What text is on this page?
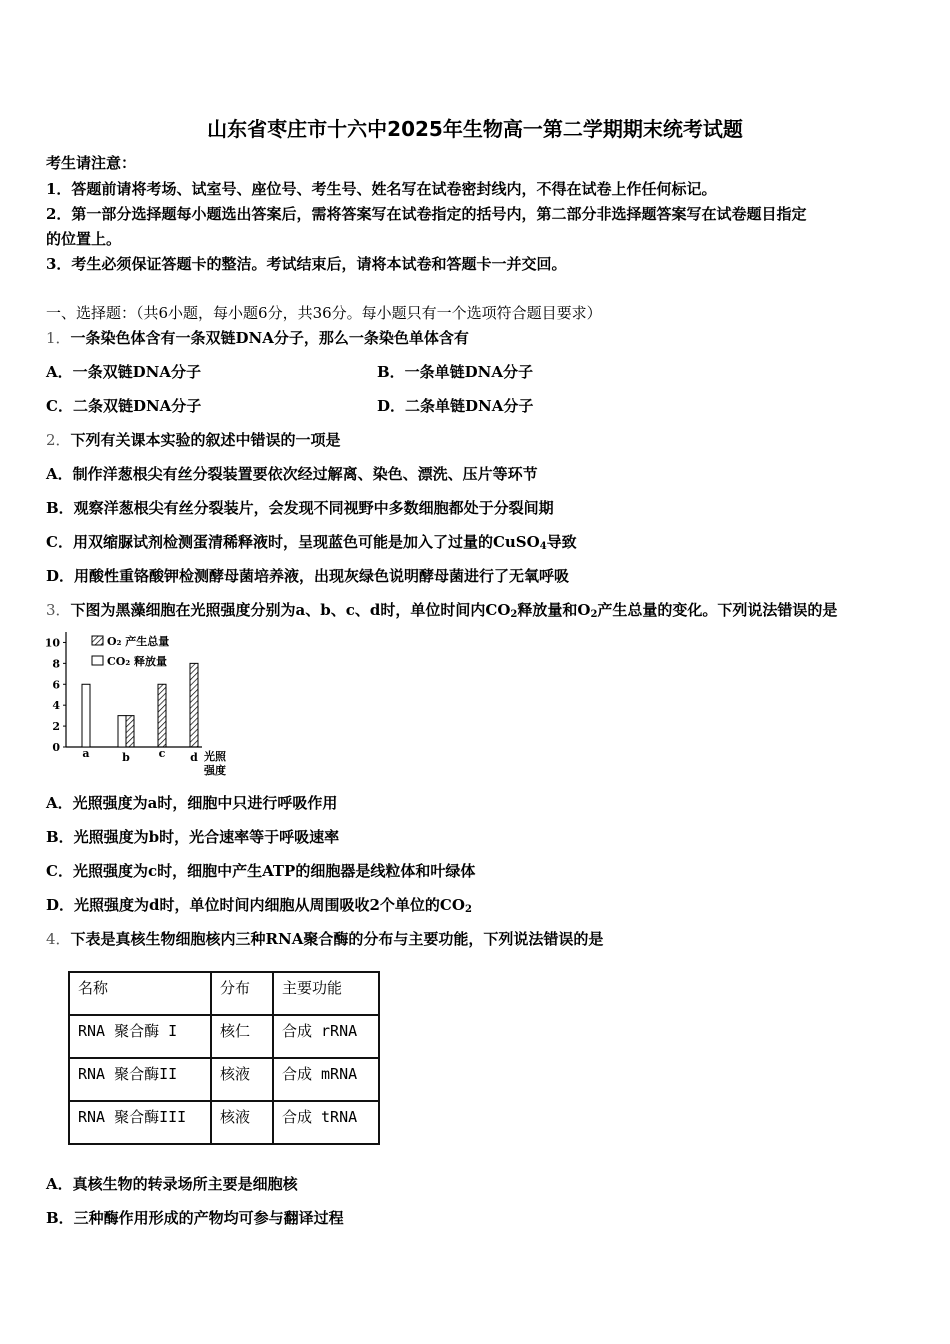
山东省枣庄市十六中2025年生物高一第二学期期末统考试题
考生请注意：
1．答题前请将考场、试室号、座位号、考生号、姓名写在试卷密封线内，不得在试卷上作任何标记。
2．第一部分选择题每小题选出答案后，需将答案写在试卷指定的括号内，第二部分非选择题答案写在试卷题目指定
的位置上。
3．考生必须保证答题卡的整洁。考试结束后，请将本试卷和答题卡一并交回。
一、选择题：（共6小题，每小题6分，共36分。每小题只有一个选项符合题目要求）
1．一条染色体含有一条双链DNA分子，那么一条染色单体含有
A．一条双链DNA分子	B．一条单链DNA分子
C．二条双链DNA分子	D．二条单链DNA分子
2．下列有关课本实验的叙述中错误的一项是
A．制作洋葱根尖有丝分裂装置要依次经过解离、染色、漂洗、压片等环节
B．观察洋葱根尖有丝分裂装片，会发现不同视野中多数细胞都处于分裂间期
C．用双缩脲试剂检测蛋清稀释液时，呈现蓝色可能是加入了过量的CuSO$_4$导致
D．用酸性重铬酸钾检测酵母菌培养液，出现灰绿色说明酵母菌进行了无氧呼吸
3．下图为黑藻细胞在光照强度分别为a、b、c、d时，单位时间内$CO_2$释放量和$O_2$产生总量的变化。下列说法错误的是
0
2
4
6
8
10
a	b	c d
O₂ 产生总量
CO₂ 释放量
光照
强度
A．光照强度为a时，细胞中只进行呼吸作用
B．光照强度为b时，光合速率等于呼吸速率
C．光照强度为c时，细胞中产生ATP的细胞器是线粒体和叶绿体
D．光照强度为d时，单位时间内细胞从周围吸收2个单位的$CO_2$
4．下表是真核生物细胞核内三种RNA聚合酶的分布与主要功能，下列说法错误的是
名称	分布	主要功能
RNA 聚合酶 I	核仁	合成 rRNA
RNA 聚合酶II	核液	合成 mRNA
RNA 聚合酶III	核液	合成 tRNA
A．真核生物的转录场所主要是细胞核
B．三种酶作用形成的产物均可参与翻译过程
